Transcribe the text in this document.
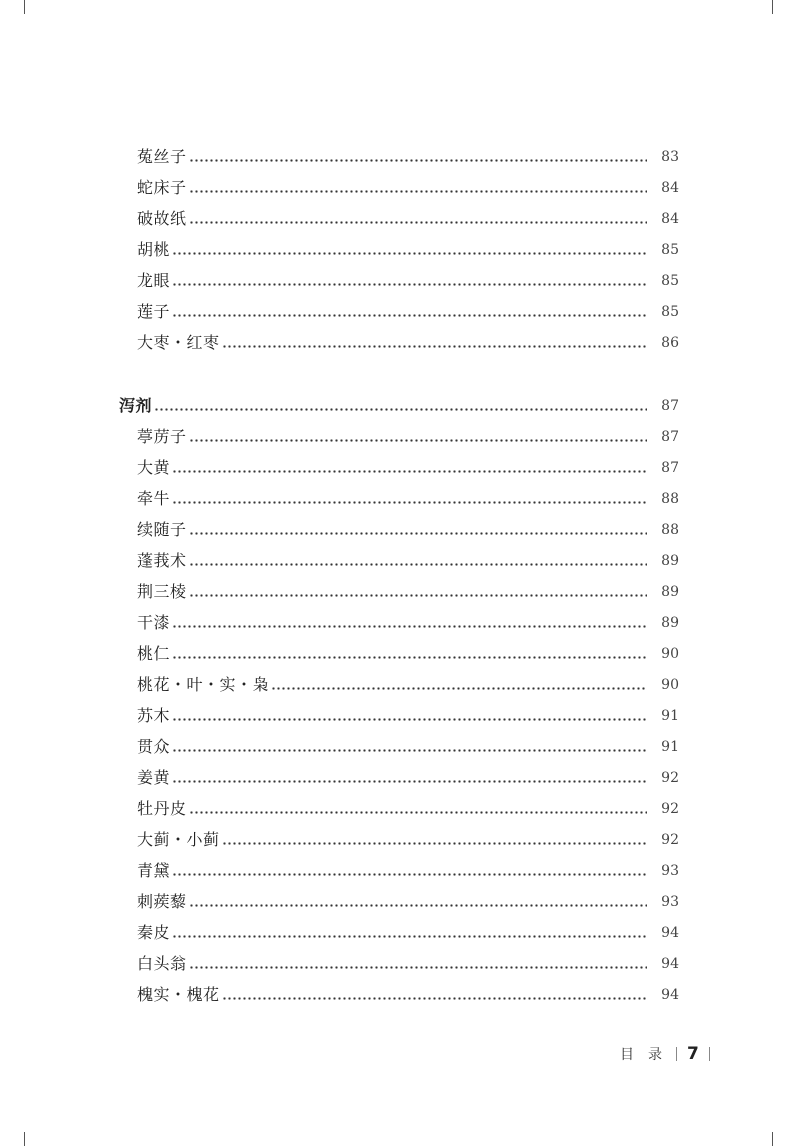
菟丝子	83
蛇床子	84
破故纸	84
胡桃	85
龙眼	85
莲子	85
大枣・红枣	86
泻剂	87
葶苈子	87
大黄	87
牵牛	88
续随子	88
蓬莪术	89
荆三棱	89
干漆	89
桃仁	90
桃花・叶・实・枭	90
苏木	91
贯众	91
姜黄	92
牡丹皮	92
大蓟・小蓟	92
青黛	93
刺蒺藜	93
秦皮	94
白头翁	94
槐实・槐花	94
目录 7
